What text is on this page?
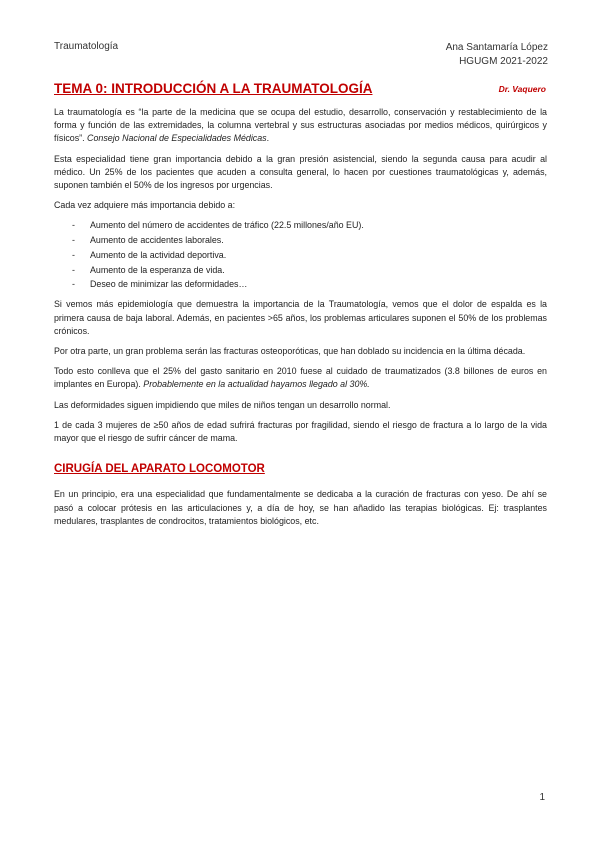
Traumatología	Ana Santamaría López
HGUGM 2021-2022
TEMA 0: INTRODUCCIÓN A LA TRAUMATOLOGÍA	Dr. Vaquero

La traumatología es “la parte de la medicina que se ocupa del estudio, desarrollo, conservación y restablecimiento de la forma y función de las extremidades, la columna vertebral y sus estructuras asociadas por medios médicos, quirúrgicos y físicos”. Consejo Nacional de Especialidades Médicas.

Esta especialidad tiene gran importancia debido a la gran presión asistencial, siendo la segunda causa para acudir al médico. Un 25% de los pacientes que acuden a consulta general, lo hacen por cuestiones traumatológicas y, además, suponen también el 50% de los ingresos por urgencias.

Cada vez adquiere más importancia debido a:

- Aumento del número de accidentes de tráfico (22.5 millones/año EU).
- Aumento de accidentes laborales.
- Aumento de la actividad deportiva.
- Aumento de la esperanza de vida.
- Deseo de minimizar las deformidades…

Si vemos más epidemiología que demuestra la importancia de la Traumatología, vemos que el dolor de espalda es la primera causa de baja laboral. Además, en pacientes >65 años, los problemas articulares suponen el 50% de los problemas crónicos.

Por otra parte, un gran problema serán las fracturas osteoporóticas, que han doblado su incidencia en la última década.

Todo esto conlleva que el 25% del gasto sanitario en 2010 fuese al cuidado de traumatizados (3.8 billones de euros en implantes en Europa). Probablemente en la actualidad hayamos llegado al 30%.

Las deformidades siguen impidiendo que miles de niños tengan un desarrollo normal.

1 de cada 3 mujeres de ≥50 años de edad sufrirá fracturas por fragilidad, siendo el riesgo de fractura a lo largo de la vida mayor que el riesgo de sufrir cáncer de mama.

CIRUGÍA DEL APARATO LOCOMOTOR

En un principio, era una especialidad que fundamentalmente se dedicaba a la curación de fracturas con yeso. De ahí se pasó a colocar prótesis en las articulaciones y, a día de hoy, se han añadido las terapias biológicas. Ej: trasplantes medulares, trasplantes de condrocitos, tratamientos biológicos, etc.

1
